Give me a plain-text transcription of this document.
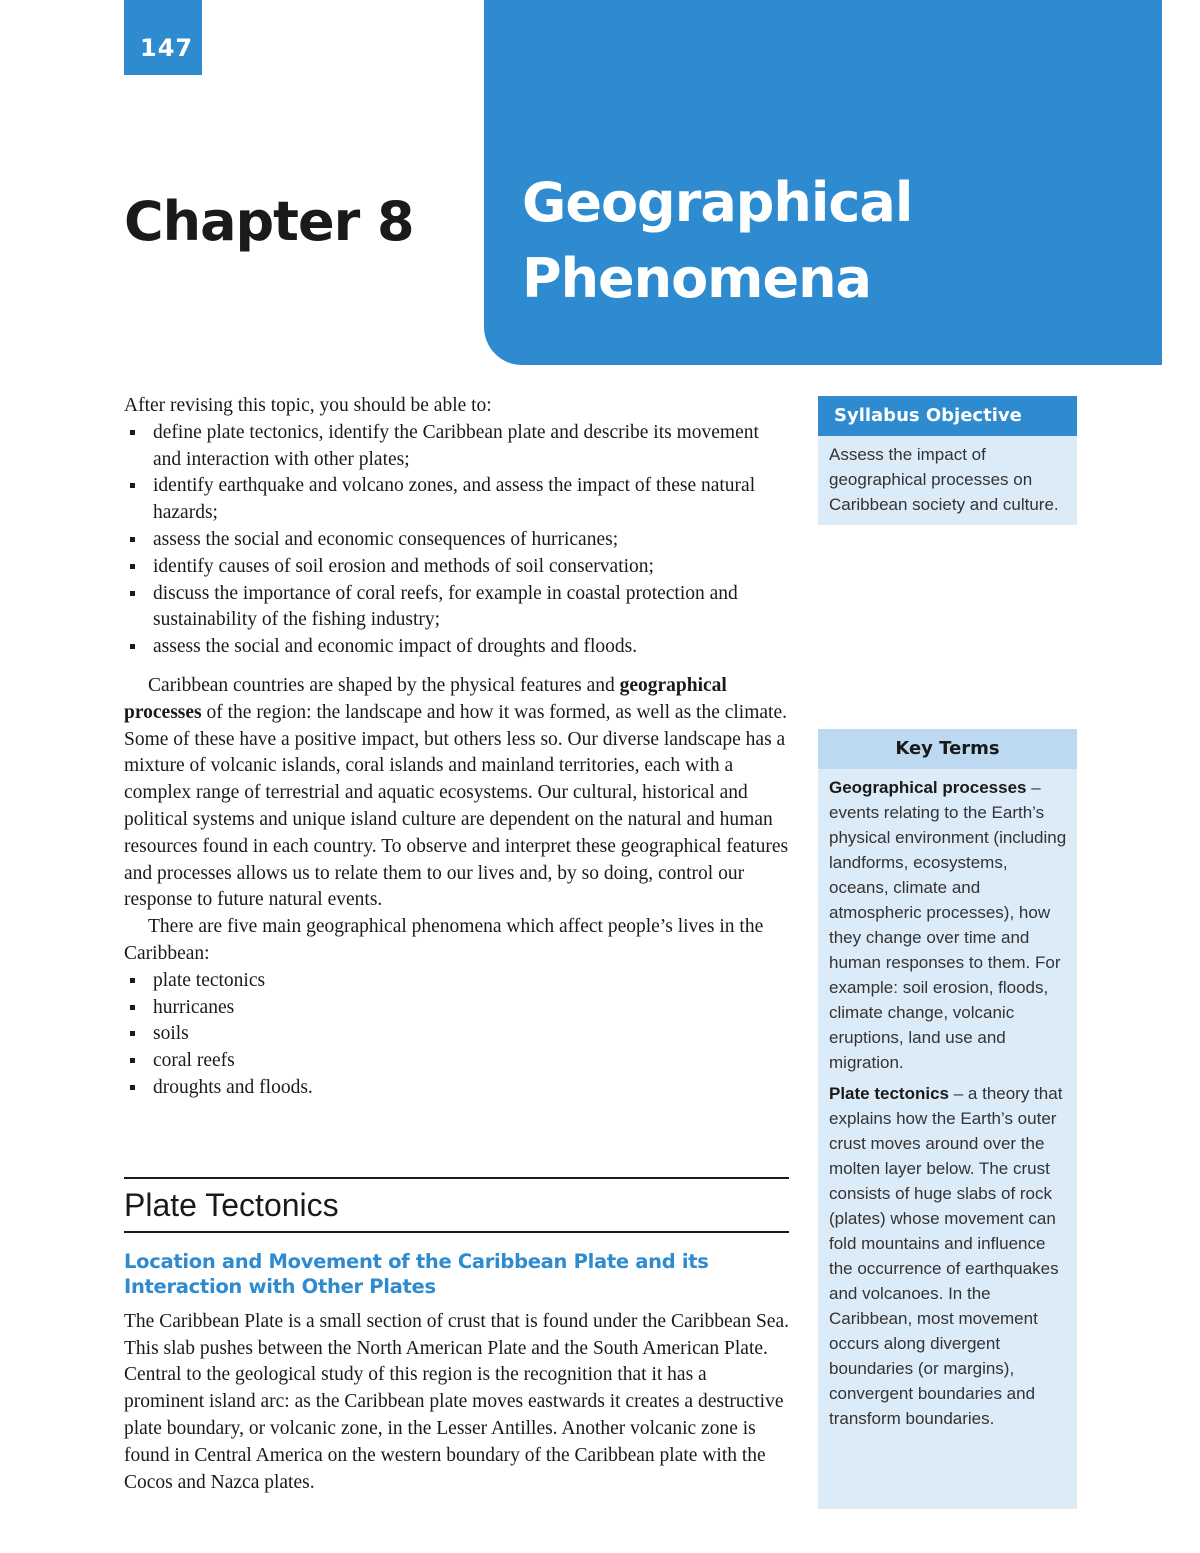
147
Chapter 8 Geographical
Phenomena

After revising this topic, you should be able to:

define plate tectonics, identify the Caribbean plate and describe its movement and interaction with other plates;
identify earthquake and volcano zones, and assess the impact of these natural hazards;
assess the social and economic consequences of hurricanes;
identify causes of soil erosion and methods of soil conservation;
discuss the importance of coral reefs, for example in coastal protection and sustainability of the fishing industry;
assess the social and economic impact of droughts and floods.

Caribbean countries are shaped by the physical features and geographical processes of the region: the landscape and how it was formed, as well as the climate. Some of these have a positive impact, but others less so. Our diverse landscape has a mixture of volcanic islands, coral islands and mainland territories, each with a complex range of terrestrial and aquatic ecosystems. Our cultural, historical and political systems and unique island culture are dependent on the natural and human resources found in each country. To observe and interpret these geographical features and processes allows us to relate them to our lives and, by so doing, control our response to future natural events.

There are five main geographical phenomena which affect people’s lives in the Caribbean:

plate tectonics
hurricanes
soils
coral reefs
droughts and floods.
Plate Tectonics
Location and Movement of the Caribbean Plate and its Interaction with Other Plates

The Caribbean Plate is a small section of crust that is found under the Caribbean Sea. This slab pushes between the North American Plate and the South American Plate. Central to the geological study of this region is the recognition that it has a prominent island arc: as the Caribbean plate moves eastwards it creates a destructive plate boundary, or volcanic zone, in the Lesser Antilles. Another volcanic zone is found in Central America on the western boundary of the Caribbean plate with the Cocos and Nazca plates.

Syllabus Objective

Assess the impact of geographical processes on Caribbean society and culture.

Key Terms

Geographical processes – events relating to the Earth’s physical environment (including landforms, ecosystems, oceans, climate and atmospheric processes), how they change over time and human responses to them. For example: soil erosion, floods, climate change, volcanic eruptions, land use and migration.

Plate tectonics – a theory that explains how the Earth’s outer crust moves around over the molten layer below. The crust consists of huge slabs of rock (plates) whose movement can fold mountains and influence the occurrence of earthquakes and volcanoes. In the Caribbean, most movement occurs along divergent boundaries (or margins), convergent boundaries and transform boundaries.
